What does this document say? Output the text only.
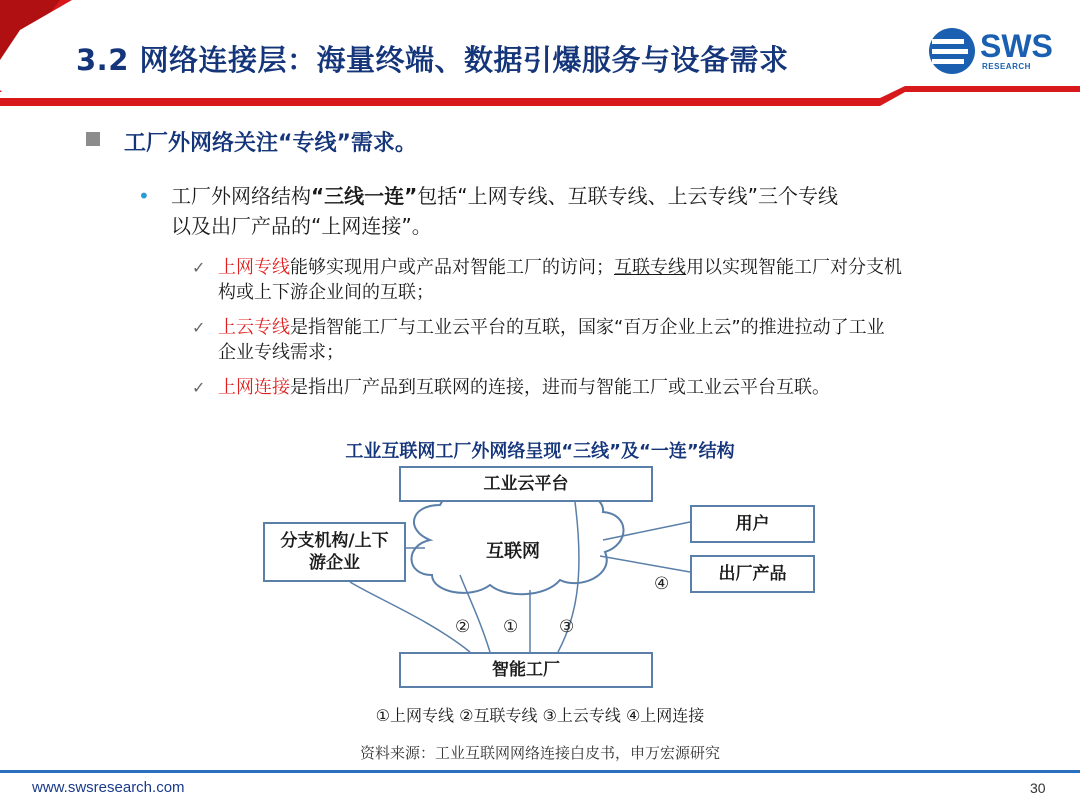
3.2 网络连接层：海量终端、数据引爆服务与设备需求	SWS
RESEARCH
工厂外网络关注“专线”需求。
• 工厂外网络结构“三线一连”包括“上网专线、互联专线、上云专线”三个专线
以及出厂产品的“上网连接”。
✓ 上网专线能够实现用户或产品对智能工厂的访问；互联专线用以实现智能工厂对分支机
构或上下游企业间的互联；
✓ 上云专线是指智能工厂与工业云平台的互联，国家“百万企业上云”的推进拉动了工业
企业专线需求；
✓ 上网连接是指出厂产品到互联网的连接，进而与智能工厂或工业云平台互联。
工业互联网工厂外网络呈现“三线”及“一连”结构
工业云平台
互联网
分支机构/上下游企业
用户
出厂产品
智能工厂
② ① ③
④
①上网专线 ②互联专线 ③上云专线 ④上网连接
资料来源：工业互联网网络连接白皮书，申万宏源研究
www.swsresearch.com	30
